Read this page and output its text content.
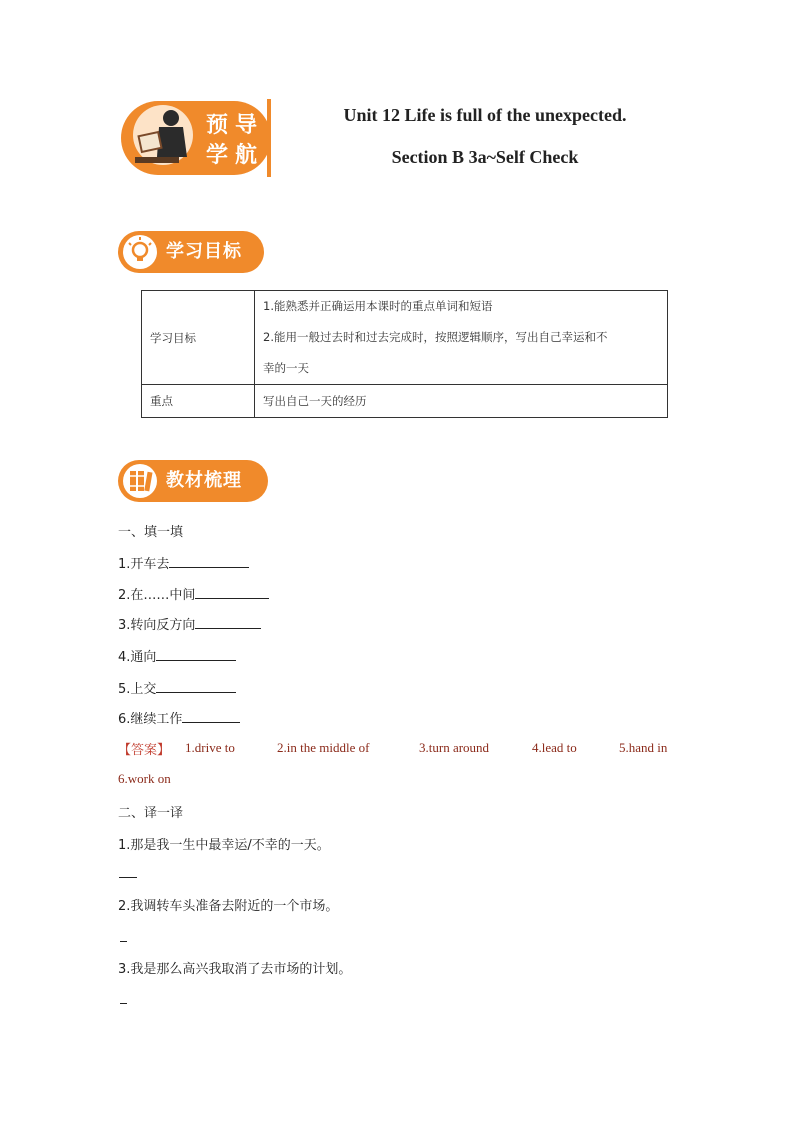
预 导
学 航
Unit 12 Life is full of the unexpected.
Section B 3a~Self Check
学习目标
学习目标	1.能熟悉并正确运用本课时的重点单词和短语
2.能用一般过去时和过去完成时，按照逻辑顺序，写出自己幸运和不
幸的一天

重点	写出自己一天的经历
教材梳理
一、填一填
1.开车去
2.在……中间
3.转向反方向
4.通向
5.上交
6.继续工作
【答案】 1.drive to	2.in the middle of	3.turn around	4.lead to	5.hand in
6.work on
二、译一译
1.那是我一生中最幸运/不幸的一天。
2.我调转车头准备去附近的一个市场。
3.我是那么高兴我取消了去市场的计划。
